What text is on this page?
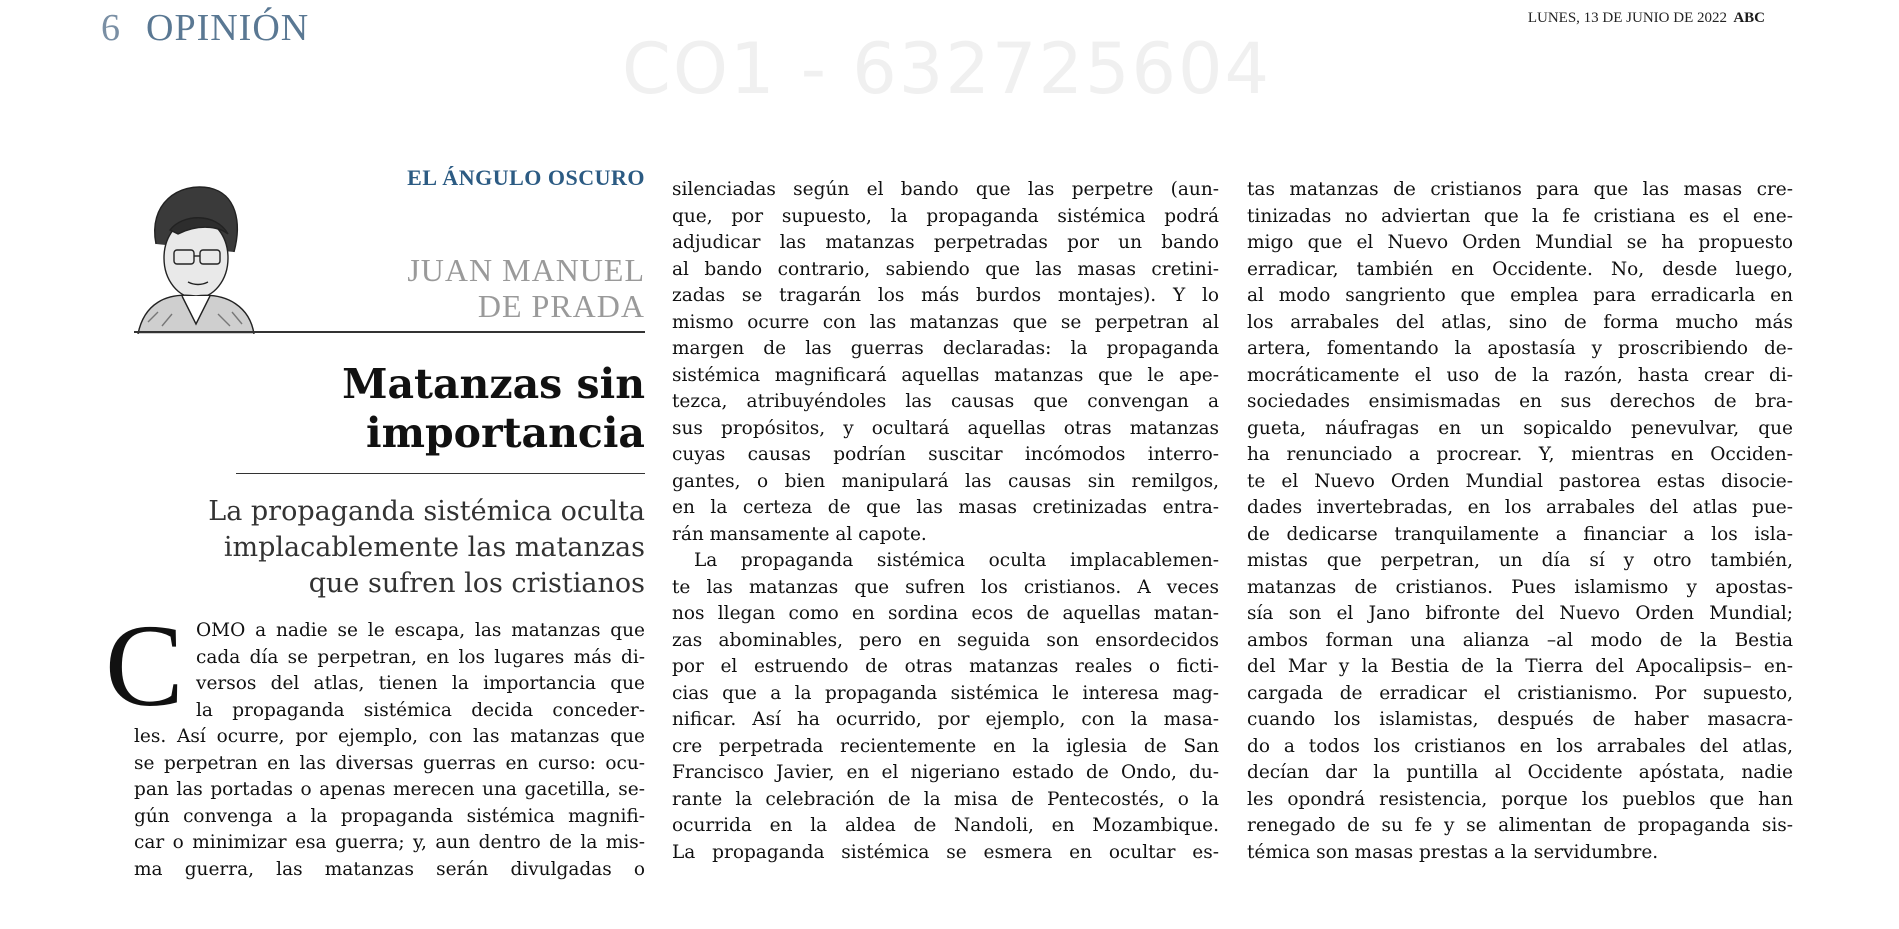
6 OPINIÓN	LUNES, 13 DE JUNIO DE 2022 ABC
CO1 - 632725604
EL ÁNGULO OSCURO
JUAN MANUEL
DE PRADA
Matanzas sin
importancia
La propaganda sistémica oculta
implacablemente las matanzas
que sufren los cristianos
C OMO a nadie se le escapa, las matanzas que
cada día se perpetran, en los lugares más di-
versos del atlas, tienen la importancia que
la propaganda sistémica decida conceder-
les. Así ocurre, por ejemplo, con las matanzas que
se perpetran en las diversas guerras en curso: ocu-
pan las portadas o apenas merecen una gacetilla, se-
gún convenga a la propaganda sistémica magnifi-
car o minimizar esa guerra; y, aun dentro de la mis-
ma guerra, las matanzas serán divulgadas o
silenciadas según el bando que las perpetre (aun-
que, por supuesto, la propaganda sistémica podrá
adjudicar las matanzas perpetradas por un bando
al bando contrario, sabiendo que las masas cretini-
zadas se tragarán los más burdos montajes). Y lo
mismo ocurre con las matanzas que se perpetran al
margen de las guerras declaradas: la propaganda
sistémica magnificará aquellas matanzas que le ape-
tezca, atribuyéndoles las causas que convengan a
sus propósitos, y ocultará aquellas otras matanzas
cuyas causas podrían suscitar incómodos interro-
gantes, o bien manipulará las causas sin remilgos,
en la certeza de que las masas cretinizadas entra-
rán mansamente al capote.
La propaganda sistémica oculta implacablemen-
te las matanzas que sufren los cristianos. A veces
nos llegan como en sordina ecos de aquellas matan-
zas abominables, pero en seguida son ensordecidos
por el estruendo de otras matanzas reales o ficti-
cias que a la propaganda sistémica le interesa mag-
nificar. Así ha ocurrido, por ejemplo, con la masa-
cre perpetrada recientemente en la iglesia de San
Francisco Javier, en el nigeriano estado de Ondo, du-
rante la celebración de la misa de Pentecostés, o la
ocurrida en la aldea de Nandoli, en Mozambique.
La propaganda sistémica se esmera en ocultar es-
tas matanzas de cristianos para que las masas cre-
tinizadas no adviertan que la fe cristiana es el ene-
migo que el Nuevo Orden Mundial se ha propuesto
erradicar, también en Occidente. No, desde luego,
al modo sangriento que emplea para erradicarla en
los arrabales del atlas, sino de forma mucho más
artera, fomentando la apostasía y proscribiendo de-
mocráticamente el uso de la razón, hasta crear di-
sociedades ensimismadas en sus derechos de bra-
gueta, náufragas en un sopicaldo penevulvar, que
ha renunciado a procrear. Y, mientras en Occiden-
te el Nuevo Orden Mundial pastorea estas disocie-
dades invertebradas, en los arrabales del atlas pue-
de dedicarse tranquilamente a financiar a los isla-
mistas que perpetran, un día sí y otro también,
matanzas de cristianos. Pues islamismo y apostas-
sía son el Jano bifronte del Nuevo Orden Mundial;
ambos forman una alianza –al modo de la Bestia
del Mar y la Bestia de la Tierra del Apocalipsis– en-
cargada de erradicar el cristianismo. Por supuesto,
cuando los islamistas, después de haber masacra-
do a todos los cristianos en los arrabales del atlas,
decían dar la puntilla al Occidente apóstata, nadie
les opondrá resistencia, porque los pueblos que han
renegado de su fe y se alimentan de propaganda sis-
témica son masas prestas a la servidumbre.
